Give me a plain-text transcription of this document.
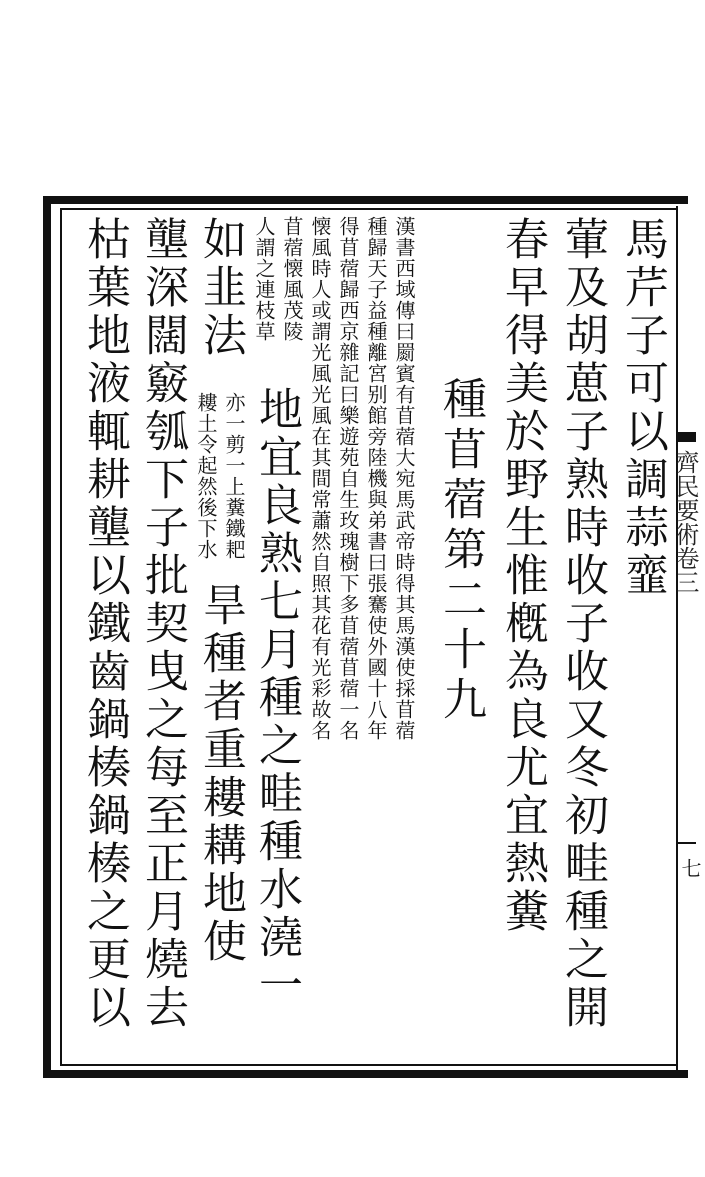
齊民要術卷三
七
馬芹子可以調蒜韲
葷及胡葸子熟時收子收又冬初畦種之開
春早得美於野生惟槪為良尤宜熱糞
種苜蓿第二十九
漢書西域傳曰罽賓有苜蓿大宛馬武帝時得其馬漢使採苜蓿
種歸天子益種離宮别館旁陸機與弟書曰張騫使外國十八年
得苜蓿歸西京雜記曰樂遊苑自生玫瑰樹下多苜蓿苜蓿一名
懐風時人或謂光風光風在其間常蕭然自照其花有光彩故名
苜蓿懐風茂陵
人謂之連枝草
地宜良熟七月種之畦種水澆一
如韭法
亦一剪一上糞鐵耙
耬土令起然後下水
旱種者重耬耩地使
壟深闊竅瓠下子批契曳之每至正月燒去
枯葉地液輒耕壟以鐵齒鍋楱鍋楱之更以
